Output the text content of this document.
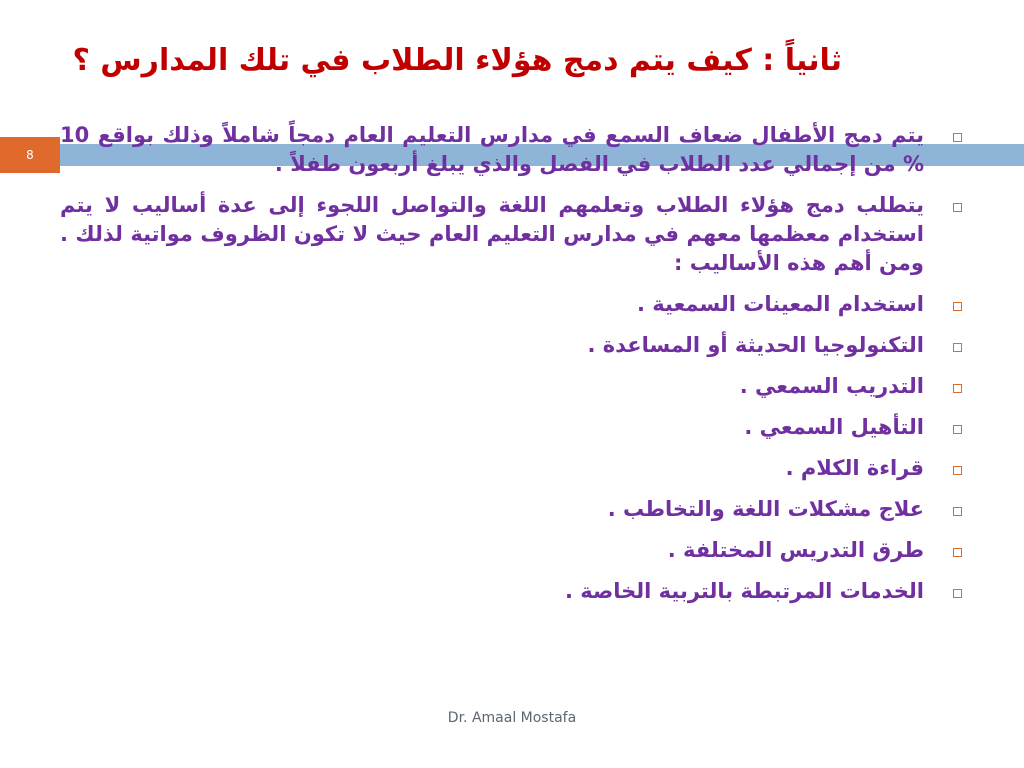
ثانياً : كيف يتم دمج هؤلاء الطلاب في تلك المدارس ؟
8
يتم دمج الأطفال ضعاف السمع في مدارس التعليم العام دمجاً شاملاً وذلك بواقع 10 % من إجمالي عدد الطلاب في الفصل والذي يبلغ أربعون طفلاً .
يتطلب دمج هؤلاء الطلاب وتعلمهم اللغة والتواصل اللجوء إلى عدة أساليب لا يتم استخدام معظمها معهم في مدارس التعليم العام حيث لا تكون الظروف مواتية لذلك . ومن أهم هذه الأساليب :
استخدام المعينات السمعية .
التكنولوجيا الحديثة أو المساعدة .
التدريب السمعي .
التأهيل السمعي .
قراءة الكلام .
علاج مشكلات اللغة والتخاطب .
طرق التدريس المختلفة .
الخدمات المرتبطة بالتربية الخاصة .
Dr. Amaal Mostafa
